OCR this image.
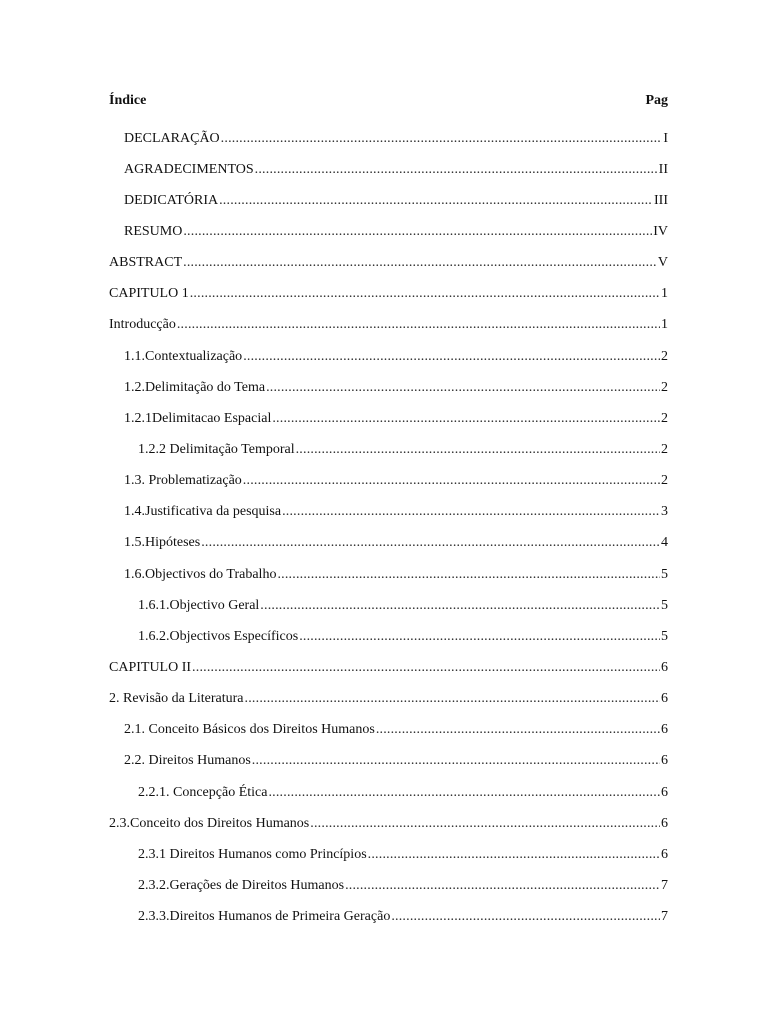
Índice	Pag
DECLARAÇÃO .....	I
AGRADECIMENTOS .....	II
DEDICATÓRIA .....	III
RESUMO .....	IV
ABSTRACT .....	V
CAPITULO 1 .....	1
Introducção .....	1
1.1.Contextualização .....	2
1.2.Delimitação do Tema .....	2
1.2.1Delimitacao Espacial .....	2
1.2.2 Delimitação Temporal .....	2
1.3. Problematização .....	2
1.4.Justificativa da pesquisa .....	3
1.5.Hipóteses .....	4
1.6.Objectivos do Trabalho .....	5
1.6.1.Objectivo Geral .....	5
1.6.2.Objectivos Específicos .....	5
CAPITULO II .....	6
2. Revisão da Literatura .....	6
2.1. Conceito Básicos dos Direitos Humanos .....	6
2.2. Direitos Humanos .....	6
2.2.1. Concepção Ética .....	6
2.3.Conceito dos Direitos Humanos .....	6
2.3.1 Direitos Humanos como Princípios .....	6
2.3.2.Gerações de Direitos Humanos .....	7
2.3.3.Direitos Humanos de Primeira Geração .....	7
